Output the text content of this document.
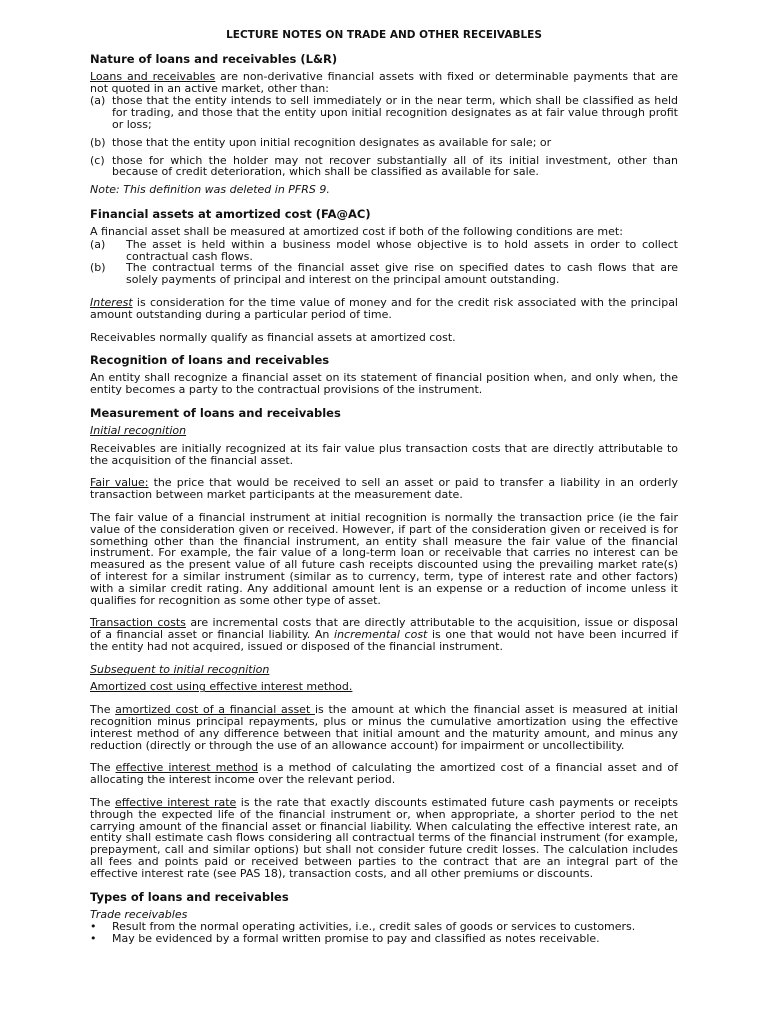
LECTURE NOTES ON TRADE AND OTHER RECEIVABLES
Nature of loans and receivables (L&R)

Loans and receivables are non-derivative financial assets with fixed or determinable payments that are not quoted in an active market, other than:

(a) those that the entity intends to sell immediately or in the near term, which shall be classified as held for trading, and those that the entity upon initial recognition designates as at fair value through profit or loss;
(b) those that the entity upon initial recognition designates as available for sale; or
(c) those for which the holder may not recover substantially all of its initial investment, other than because of credit deterioration, which shall be classified as available for sale.
Note: This definition was deleted in PFRS 9.
Financial assets at amortized cost (FA@AC)

A financial asset shall be measured at amortized cost if both of the following conditions are met:

(a)	The asset is held within a business model whose objective is to hold assets in order to collect contractual cash flows.
(b)	The contractual terms of the financial asset give rise on specified dates to cash flows that are solely payments of principal and interest on the principal amount outstanding.

Interest is consideration for the time value of money and for the credit risk associated with the principal amount outstanding during a particular period of time.

Receivables normally qualify as financial assets at amortized cost.

Recognition of loans and receivables

An entity shall recognize a financial asset on its statement of financial position when, and only when, the entity becomes a party to the contractual provisions of the instrument.

Measurement of loans and receivables
Initial recognition

Receivables are initially recognized at its fair value plus transaction costs that are directly attributable to the acquisition of the financial asset.

Fair value: the price that would be received to sell an asset or paid to transfer a liability in an orderly transaction between market participants at the measurement date.

The fair value of a financial instrument at initial recognition is normally the transaction price (ie the fair value of the consideration given or received. However, if part of the consideration given or received is for something other than the financial instrument, an entity shall measure the fair value of the financial instrument. For example, the fair value of a long-term loan or receivable that carries no interest can be measured as the present value of all future cash receipts discounted using the prevailing market rate(s) of interest for a similar instrument (similar as to currency, term, type of interest rate and other factors) with a similar credit rating. Any additional amount lent is an expense or a reduction of income unless it qualifies for recognition as some other type of asset.

Transaction costs are incremental costs that are directly attributable to the acquisition, issue or disposal of a financial asset or financial liability. An incremental cost is one that would not have been incurred if the entity had not acquired, issued or disposed of the financial instrument.

Subsequent to initial recognition

Amortized cost using effective interest method.

The amortized cost of a financial asset is the amount at which the financial asset is measured at initial recognition minus principal repayments, plus or minus the cumulative amortization using the effective interest method of any difference between that initial amount and the maturity amount, and minus any reduction (directly or through the use of an allowance account) for impairment or uncollectibility.

The effective interest method is a method of calculating the amortized cost of a financial asset and of allocating the interest income over the relevant period.

The effective interest rate is the rate that exactly discounts estimated future cash payments or receipts through the expected life of the financial instrument or, when appropriate, a shorter period to the net carrying amount of the financial asset or financial liability. When calculating the effective interest rate, an entity shall estimate cash flows considering all contractual terms of the financial instrument (for example, prepayment, call and similar options) but shall not consider future credit losses. The calculation includes all fees and points paid or received between parties to the contract that are an integral part of the effective interest rate (see PAS 18), transaction costs, and all other premiums or discounts.

Types of loans and receivables
Trade receivables
•	Result from the normal operating activities, i.e., credit sales of goods or services to customers.
•	May be evidenced by a formal written promise to pay and classified as notes receivable.
